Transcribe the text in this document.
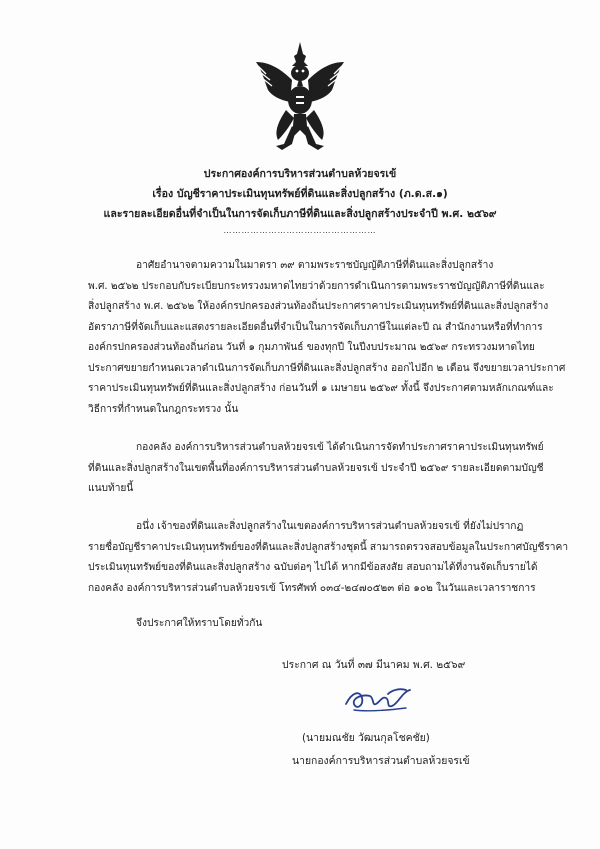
ประกาศองค์การบริหารส่วนตำบลห้วยจรเข้
เรื่อง บัญชีราคาประเมินทุนทรัพย์ที่ดินและสิ่งปลูกสร้าง (ภ.ด.ส.๑)
และรายละเอียดอื่นที่จำเป็นในการจัดเก็บภาษีที่ดินและสิ่งปลูกสร้างประจำปี พ.ศ. ๒๕๖๙
……………………………………………
อาศัยอำนาจตามความในมาตรา ๓๙ ตามพระราชบัญญัติภาษีที่ดินและสิ่งปลูกสร้าง
พ.ศ. ๒๕๖๒ ประกอบกับระเบียบกระทรวงมหาดไทยว่าด้วยการดำเนินการตามพระราชบัญญัติภาษีที่ดินและ
สิ่งปลูกสร้าง พ.ศ. ๒๕๖๒ ให้องค์กรปกครองส่วนท้องถิ่นประกาศราคาประเมินทุนทรัพย์ที่ดินและสิ่งปลูกสร้าง
อัตราภาษีที่จัดเก็บและแสดงรายละเอียดอื่นที่จำเป็นในการจัดเก็บภาษีในแต่ละปี ณ สำนักงานหรือที่ทำการ
องค์กรปกครองส่วนท้องถิ่นก่อน วันที่ ๑ กุมภาพันธ์ ของทุกปี ในปีงบประมาณ ๒๕๖๙ กระทรวงมหาดไทย
ประกาศขยายกำหนดเวลาดำเนินการจัดเก็บภาษีที่ดินและสิ่งปลูกสร้าง ออกไปอีก ๒ เดือน จึงขยายเวลาประกาศ
ราคาประเมินทุนทรัพย์ที่ดินและสิ่งปลูกสร้าง ก่อนวันที่ ๑ เมษายน ๒๕๖๙ ทั้งนี้ จึงประกาศตามหลักเกณฑ์และ
วิธีการที่กำหนดในกฎกระทรวง นั้น
กองคลัง องค์การบริหารส่วนตำบลห้วยจรเข้ ได้ดำเนินการจัดทำประกาศราคาประเมินทุนทรัพย์
ที่ดินและสิ่งปลูกสร้างในเขตพื้นที่องค์การบริหารส่วนตำบลห้วยจรเข้ ประจำปี ๒๕๖๙ รายละเอียดตามบัญชี
แนบท้ายนี้
อนึ่ง เจ้าของที่ดินและสิ่งปลูกสร้างในเขตองค์การบริหารส่วนตำบลห้วยจรเข้ ที่ยังไม่ปรากฏ
รายชื่อบัญชีราคาประเมินทุนทรัพย์ของที่ดินและสิ่งปลูกสร้างชุดนี้ สามารถตรวจสอบข้อมูลในประกาศบัญชีราคา
ประเมินทุนทรัพย์ของที่ดินและสิ่งปลูกสร้าง ฉบับต่อๆ ไปได้ หากมีข้อสงสัย สอบถามได้ที่งานจัดเก็บรายได้
กองคลัง องค์การบริหารส่วนตำบลห้วยจรเข้ โทรศัพท์ ๐๓๔-๒๔๗๐๕๒๓ ต่อ ๑๐๒ ในวันและเวลาราชการ
จึงประกาศให้ทราบโดยทั่วกัน
ประกาศ ณ วันที่ ๓๗ มีนาคม พ.ศ. ๒๕๖๙
(นายมณชัย วัฒนกุลโชคชัย)
นายกองค์การบริหารส่วนตำบลห้วยจรเข้
